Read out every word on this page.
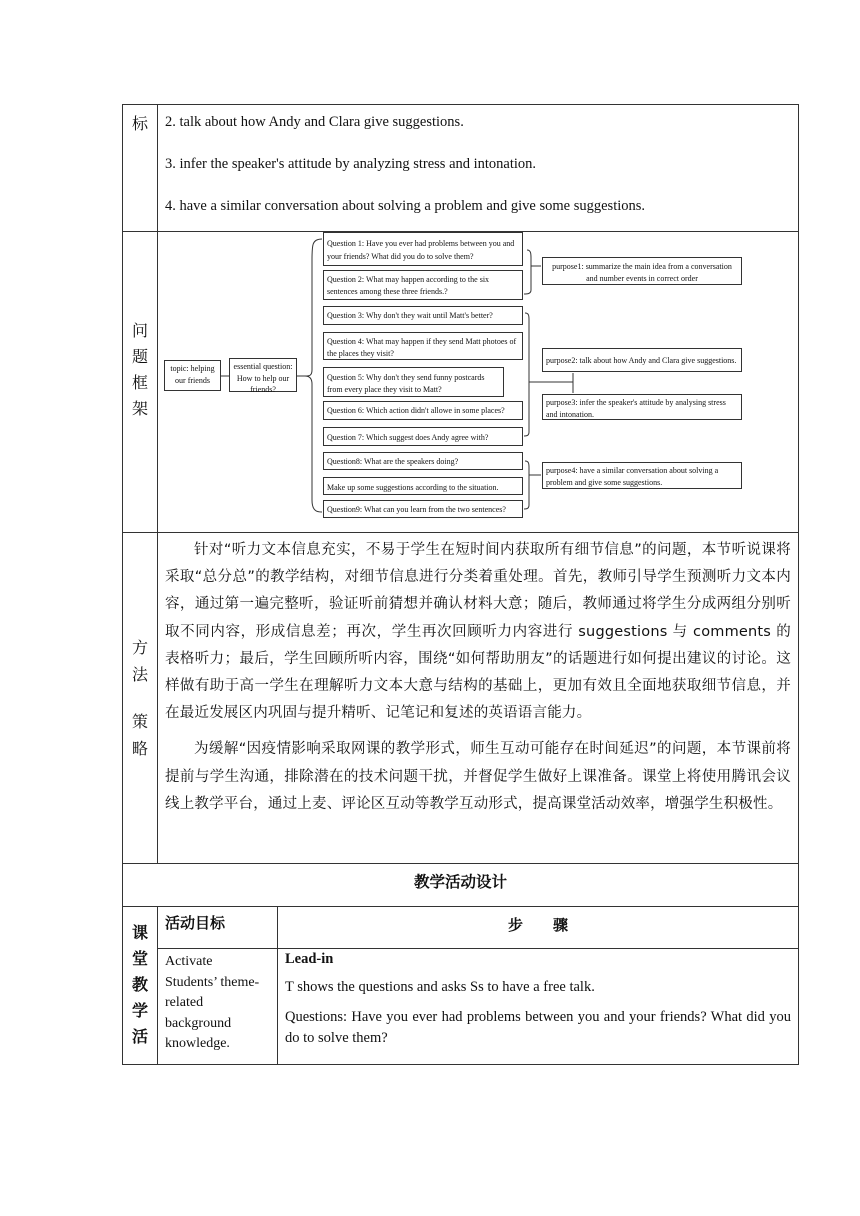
标	2. talk about how Andy and Clara give suggestions.
3. infer the speaker's attitude by analyzing stress and intonation.
4. have a similar conversation about solving a problem and give some suggestions.
问
题
框
架
topic: helping our friends
essential question: How to help our friends?
Question 1: Have you ever had problems between you and your friends? What did you do to solve them?
Question 2: What may happen according to the six sentences among these three friends.?
Question 3: Why don't they wait until Matt's better?
Question 4: What may happen if they send Matt photoes of the places they visit?
Question 5: Why don't they send funny postcards from every place they visit to Matt?
Question 6: Which action didn't allowe in some places?
Question 7: Which suggest does Andy agree with?
Question8: What are the speakers doing?
Make up some suggestions according to the situation.
Question9: What can you learn from the two sentences?
purpose1: summarize the main idea from a conversation and number events in correct order
purpose2: talk about how Andy and Clara give suggestions.
purpose3: infer the speaker's attitude by analysing stress and intonation.
purpose4: have a similar conversation about solving a problem and give some suggestions.
方
法
策
略

针对“听力文本信息充实，不易于学生在短时间内获取所有细节信息”的问题，本节听说课将采取“总分总”的教学结构，对细节信息进行分类着重处理。首先，教师引导学生预测听力文本内容，通过第一遍完整听，验证听前猜想并确认材料大意；随后，教师通过将学生分成两组分别听取不同内容，形成信息差；再次，学生再次回顾听力内容进行 suggestions 与 comments 的表格听力；最后，学生回顾所听内容，围绕“如何帮助朋友”的话题进行如何提出建议的讨论。这样做有助于高一学生在理解听力文本大意与结构的基础上，更加有效且全面地获取细节信息，并在最近发展区内巩固与提升精听、记笔记和复述的英语语言能力。

为缓解“因疫情影响采取网课的教学形式，师生互动可能存在时间延迟”的问题，本节课前将提前与学生沟通，排除潜在的技术问题干扰，并督促学生做好上课准备。课堂上将使用腾讯会议线上教学平台，通过上麦、评论区互动等教学互动形式，提高课堂活动效率，增强学生积极性。

教学活动设计
课
堂
教
学
活
活动目标	步　　骤
Activate Students’ theme-related background knowledge.
Lead-in
T shows the questions and asks Ss to have a free talk.
Questions: Have you ever had problems between you and your friends? What did you do to solve them?
